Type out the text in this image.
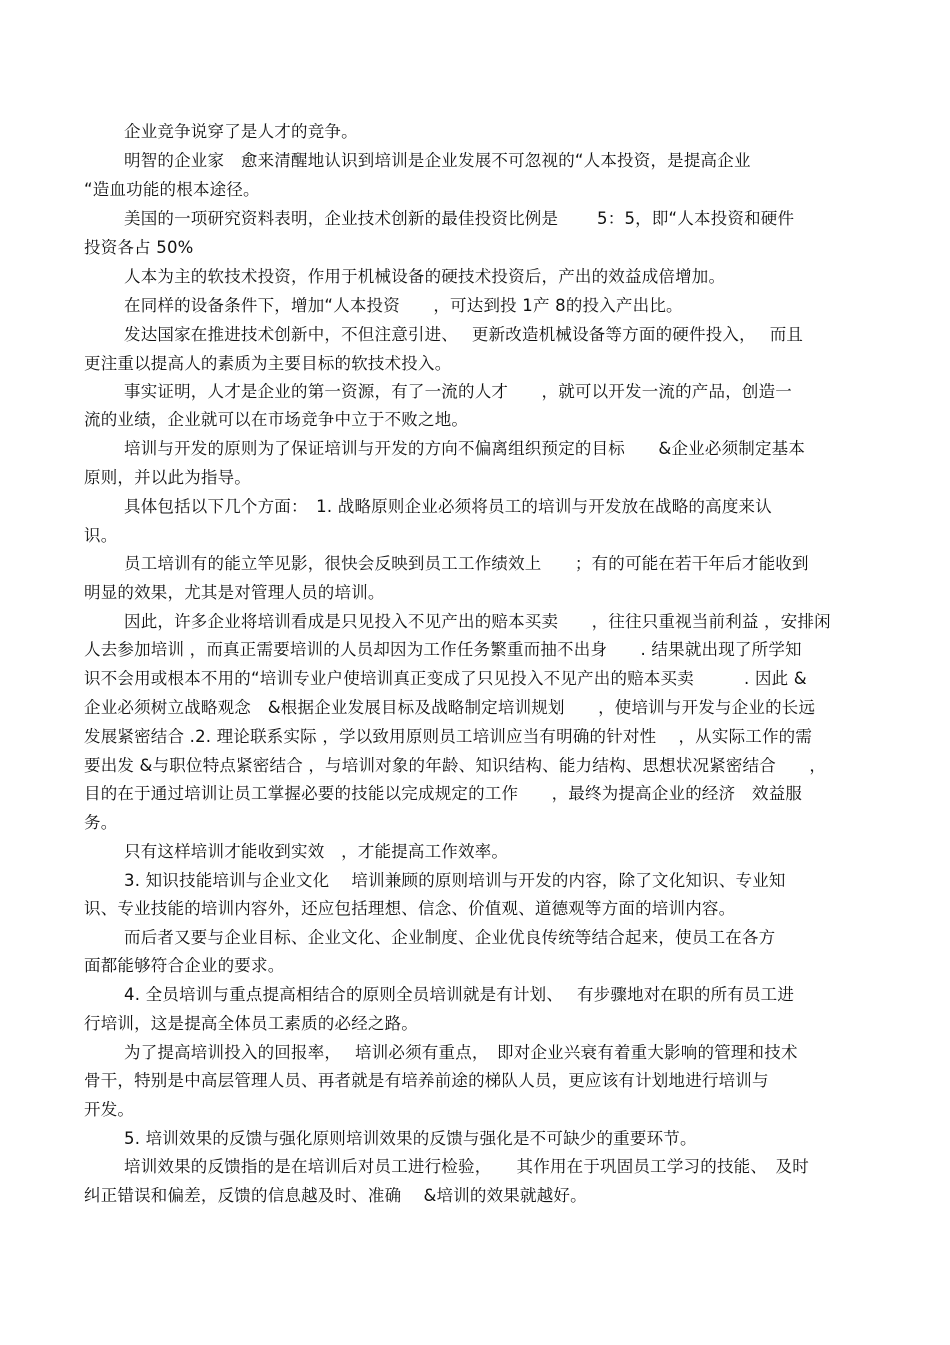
企业竞争说穿了是人才的竞争。
明智的企业家　愈来清醒地认识到培训是企业发展不可忽视的“人本投资，是提高企业
“造血功能的根本途径。
美国的一项研究资料表明，企业技术创新的最佳投资比例是　　 5：5，即“人本投资和硬件
投资各占 50%
人本为主的软技术投资，作用于机械设备的硬技术投资后，产出的效益成倍增加。
在同样的设备条件下，增加“人本投资　　，可达到投 1产 8的投入产出比。
发达国家在推进技术创新中，不但注意引进、　 更新改造机械设备等方面的硬件投入，　 而且
更注重以提高人的素质为主要目标的软技术投入。
事实证明，人才是企业的第一资源，有了一流的人才　　，就可以开发一流的产品，创造一
流的业绩，企业就可以在市场竞争中立于不败之地。
培训与开发的原则为了保证培训与开发的方向不偏离组织预定的目标　　&企业必须制定基本
原则，并以此为指导。
具体包括以下几个方面：　1. 战略原则企业必须将员工的培训与开发放在战略的高度来认
识。
员工培训有的能立竿见影，很快会反映到员工工作绩效上　　；有的可能在若干年后才能收到
明显的效果，尤其是对管理人员的培训。
因此，许多企业将培训看成是只见投入不见产出的赔本买卖　　，往往只重视当前利益 ，安排闲
人去参加培训 ，而真正需要培训的人员却因为工作任务繁重而抽不出身　　. 结果就出现了所学知
识不会用或根本不用的“培训专业户使培训真正变成了只见投入不见产出的赔本买卖　　　. 因此 &
企业必须树立战略观念　&根据企业发展目标及战略制定培训规划　　，使培训与开发与企业的长远
发展紧密结合 .2. 理论联系实际 ，学以致用原则员工培训应当有明确的针对性　 ，从实际工作的需
要出发 &与职位特点紧密结合 ，与培训对象的年龄、知识结构、能力结构、思想状况紧密结合　　，
目的在于通过培训让员工掌握必要的技能以完成规定的工作　　，最终为提高企业的经济　效益服
务。
只有这样培训才能收到实效　，才能提高工作效率。
3. 知识技能培训与企业文化　 培训兼顾的原则培训与开发的内容，除了文化知识、专业知
识、专业技能的培训内容外，还应包括理想、信念、价值观、道德观等方面的培训内容。
而后者又要与企业目标、企业文化、企业制度、企业优良传统等结合起来，使员工在各方
面都能够符合企业的要求。
4. 全员培训与重点提高相结合的原则全员培训就是有计划、　 有步骤地对在职的所有员工进
行培训，这是提高全体员工素质的必经之路。
为了提高培训投入的回报率，　 培训必须有重点，　即对企业兴衰有着重大影响的管理和技术
骨干，特别是中高层管理人员、再者就是有培养前途的梯队人员，更应该有计划地进行培训与
开发。
5. 培训效果的反馈与强化原则培训效果的反馈与强化是不可缺少的重要环节。
培训效果的反馈指的是在培训后对员工进行检验，　　其作用在于巩固员工学习的技能、　及时
纠正错误和偏差，反馈的信息越及时、准确　 &培训的效果就越好。
